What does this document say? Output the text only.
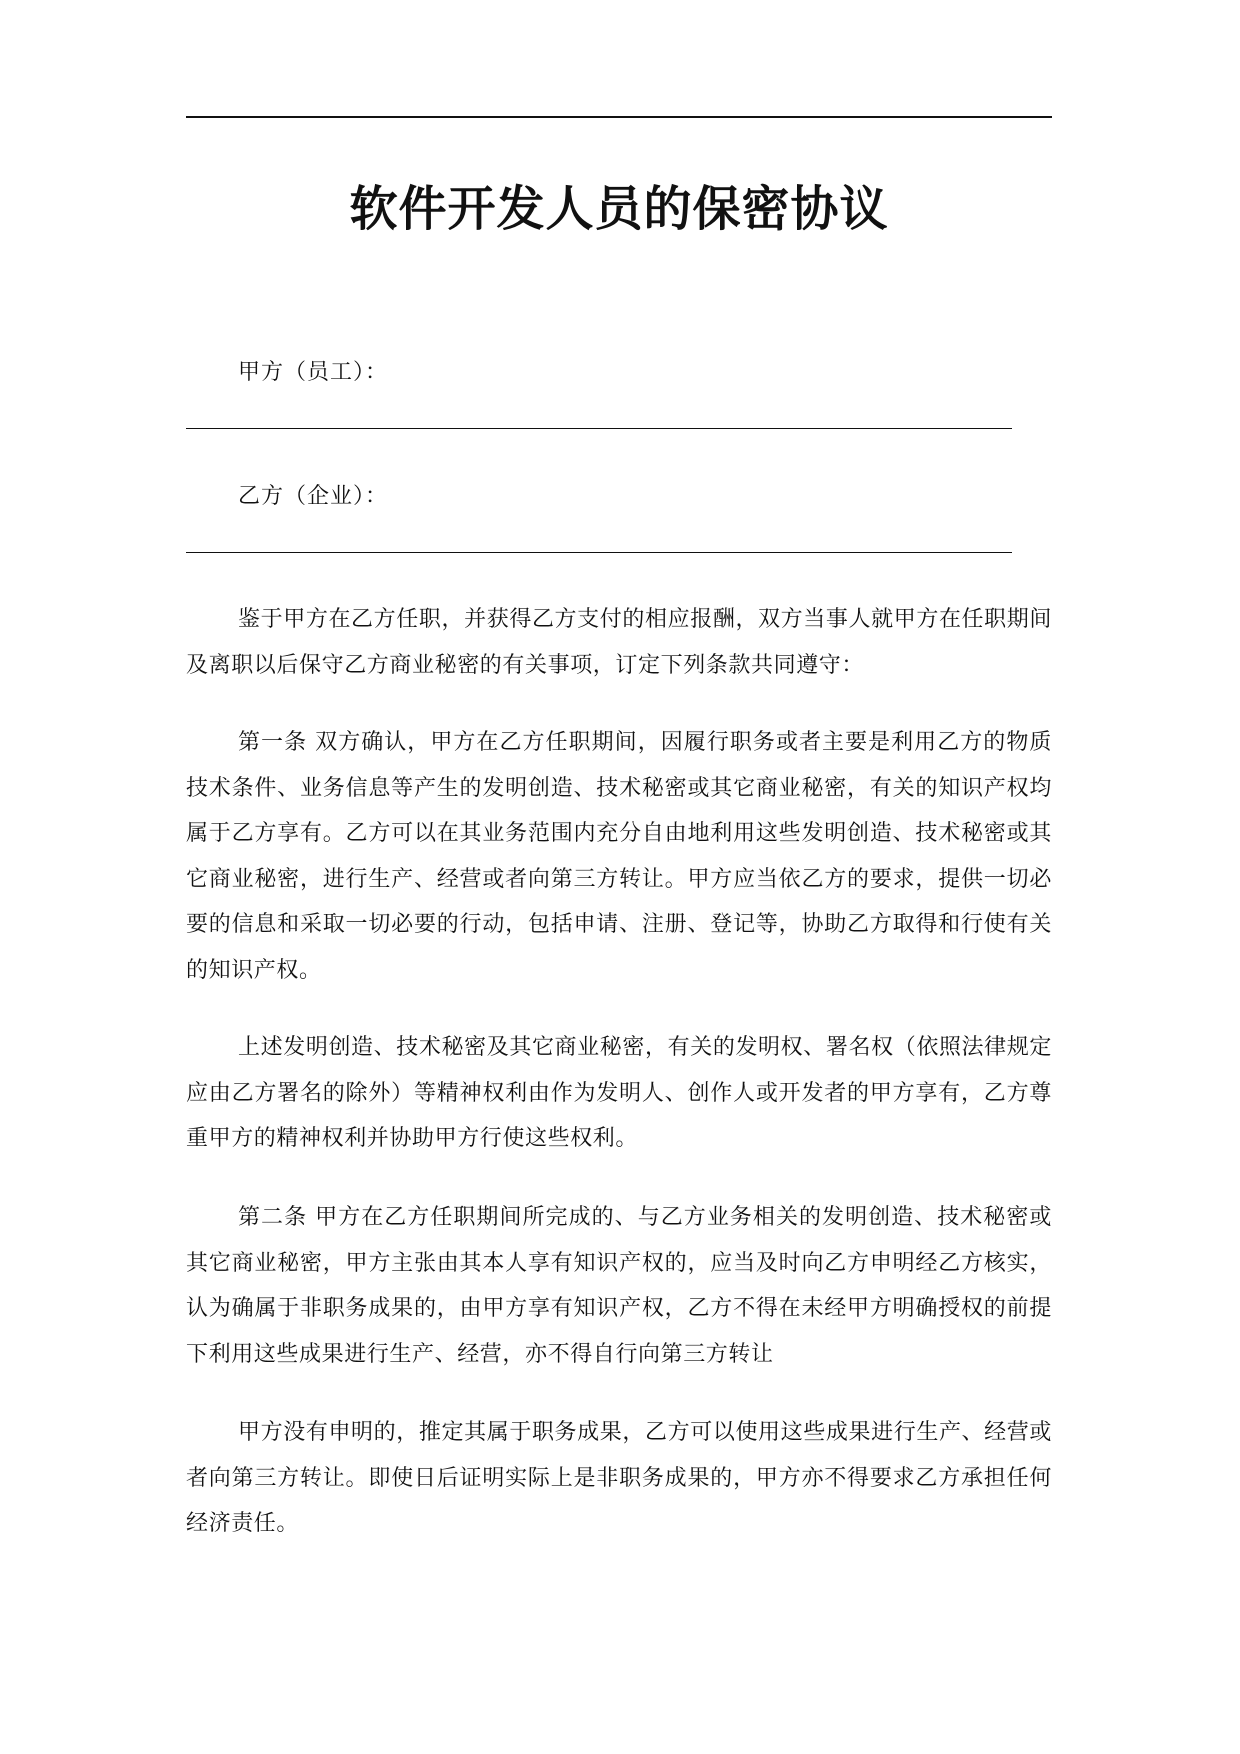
软件开发人员的保密协议
甲方（员工）：
乙方（企业）：

鉴于甲方在乙方任职，并获得乙方支付的相应报酬，双方当事人就甲方在任职期间及离职以后保守乙方商业秘密的有关事项，订定下列条款共同遵守：

第一条 双方确认，甲方在乙方任职期间，因履行职务或者主要是利用乙方的物质技术条件、业务信息等产生的发明创造、技术秘密或其它商业秘密，有关的知识产权均属于乙方享有。乙方可以在其业务范围内充分自由地利用这些发明创造、技术秘密或其它商业秘密，进行生产、经营或者向第三方转让。甲方应当依乙方的要求，提供一切必要的信息和采取一切必要的行动，包括申请、注册、登记等，协助乙方取得和行使有关的知识产权。

上述发明创造、技术秘密及其它商业秘密，有关的发明权、署名权（依照法律规定应由乙方署名的除外）等精神权利由作为发明人、创作人或开发者的甲方享有，乙方尊重甲方的精神权利并协助甲方行使这些权利。

第二条 甲方在乙方任职期间所完成的、与乙方业务相关的发明创造、技术秘密或其它商业秘密，甲方主张由其本人享有知识产权的，应当及时向乙方申明经乙方核实，认为确属于非职务成果的，由甲方享有知识产权，乙方不得在未经甲方明确授权的前提下利用这些成果进行生产、经营，亦不得自行向第三方转让

甲方没有申明的，推定其属于职务成果，乙方可以使用这些成果进行生产、经营或者向第三方转让。即使日后证明实际上是非职务成果的，甲方亦不得要求乙方承担任何经济责任。
